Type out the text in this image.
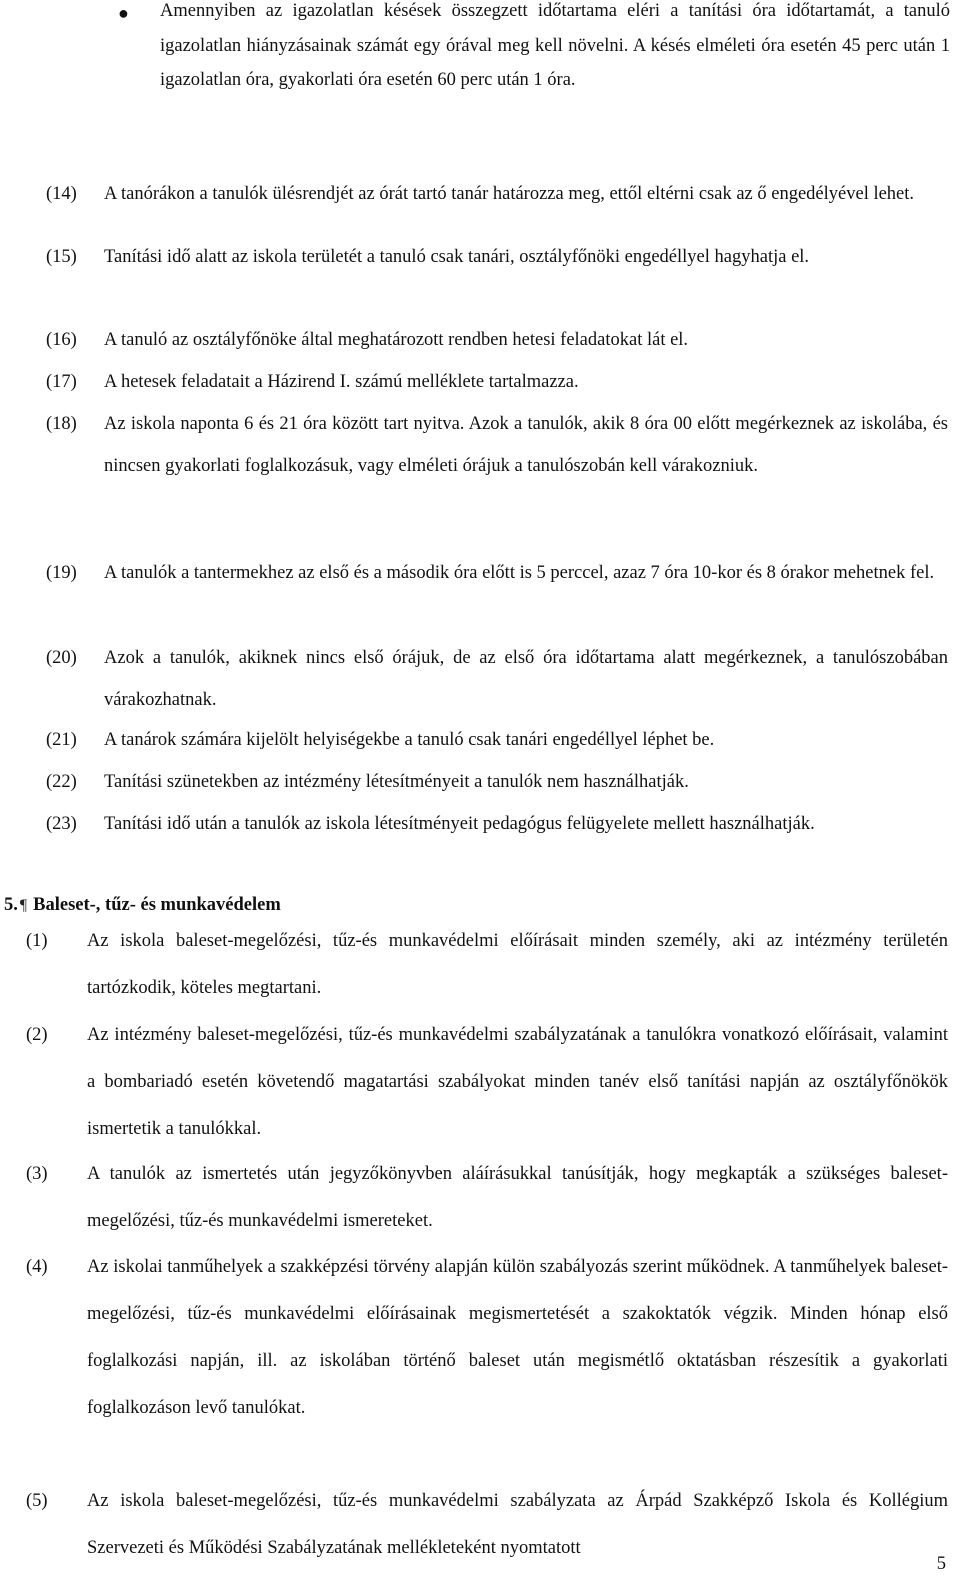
● Amennyiben az igazolatlan késések összegzett időtartama eléri a tanítási óra időtartamát, a tanuló igazolatlan hiányzásainak számát egy órával meg kell növelni. A késés elméleti óra esetén 45 perc után 1 igazolatlan óra, gyakorlati óra esetén 60 perc után 1 óra.
(14)	A tanórákon a tanulók ülésrendjét az órát tartó tanár határozza meg, ettől eltérni csak az ő engedélyével lehet.
(15)	Tanítási idő alatt az iskola területét a tanuló csak tanári, osztályfőnöki engedéllyel hagyhatja el.
(16)	A tanuló az osztályfőnöke által meghatározott rendben hetesi feladatokat lát el.
(17)	A hetesek feladatait a Házirend I. számú melléklete tartalmazza.
(18)	Az iskola naponta 6 és 21 óra között tart nyitva. Azok a tanulók, akik 8 óra 00 előtt megérkeznek az iskolába, és nincsen gyakorlati foglalkozásuk, vagy elméleti órájuk a tanulószobán kell várakozniuk.
(19)	A tanulók a tantermekhez az első és a második óra előtt is 5 perccel, azaz 7 óra 10-kor és 8 órakor mehetnek fel.
(20)	Azok a tanulók, akiknek nincs első órájuk, de az első óra időtartama alatt megérkeznek, a tanulószobában várakozhatnak.
(21)	A tanárok számára kijelölt helyiségekbe a tanuló csak tanári engedéllyel léphet be.
(22)	Tanítási szünetekben az intézmény létesítményeit a tanulók nem használhatják.
(23)	Tanítási idő után a tanulók az iskola létesítményeit pedagógus felügyelete mellett használhatják.
5. ¶ Baleset-, tűz- és munkavédelem
(1)	Az iskola baleset-megelőzési, tűz-és munkavédelmi előírásait minden személy, aki az intézmény területén tartózkodik, köteles megtartani.
(2)	Az intézmény baleset-megelőzési, tűz-és munkavédelmi szabályzatának a tanulókra vonatkozó előírásait, valamint a bombariadó esetén követendő magatartási szabályokat minden tanév első tanítási napján az osztályfőnökök ismertetik a tanulókkal.
(3)	A tanulók az ismertetés után jegyzőkönyvben aláírásukkal tanúsítják, hogy megkapták a szükséges baleset-megelőzési, tűz-és munkavédelmi ismereteket.
(4)	Az iskolai tanműhelyek a szakképzési törvény alapján külön szabályozás szerint működnek. A tanműhelyek baleset-megelőzési, tűz-és munkavédelmi előírásainak megismertetését a szakoktatók végzik. Minden hónap első foglalkozási napján, ill. az iskolában történő baleset után megismétlő oktatásban részesítik a gyakorlati foglalkozáson levő tanulókat.
(5)	Az iskola baleset-megelőzési, tűz-és munkavédelmi szabályzata az Árpád Szakképző Iskola és Kollégium Szervezeti és Működési Szabályzatának mellékleteként nyomtatott
5
